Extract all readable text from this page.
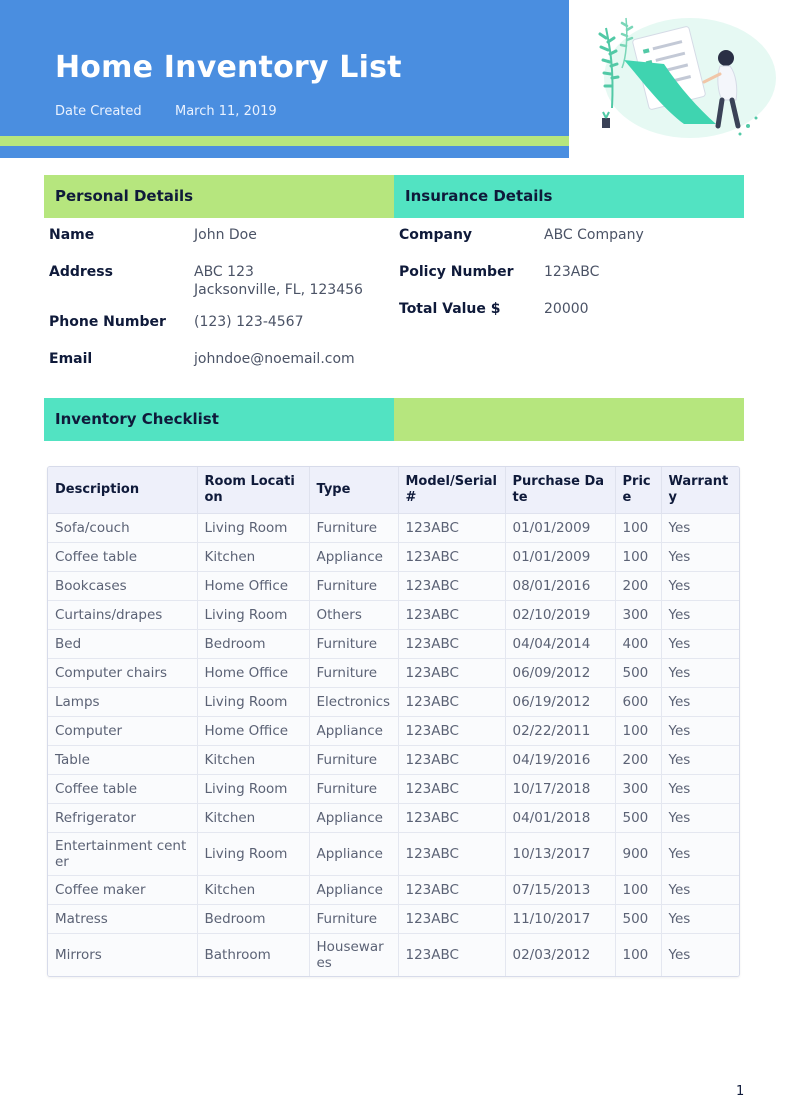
Home Inventory List
Date Created	March 11, 2019
Personal Details	Insurance Details
Name	John Doe
Address	ABC 123
Jacksonville, FL, 123456
Phone Number (123) 123-4567
Email	johndoe@noemail.com
Company	ABC Company
Policy Number 123ABC
Total Value $	20000
Inventory Checklist
Description	Room Location	Type	Model/Serial #	Purchase Date	Price	Warranty
Sofa/couch	Living Room	Furniture	123ABC	01/01/2009	100	Yes
Coffee table	Kitchen	Appliance	123ABC	01/01/2009	100	Yes
Bookcases	Home Office	Furniture	123ABC	08/01/2016	200	Yes
Curtains/drapes	Living Room	Others	123ABC	02/10/2019	300	Yes
Bed	Bedroom	Furniture	123ABC	04/04/2014	400	Yes
Computer chairs	Home Office	Furniture	123ABC	06/09/2012	500	Yes
Lamps	Living Room	Electronics	123ABC	06/19/2012	600	Yes
Computer	Home Office	Appliance	123ABC	02/22/2011	100	Yes
Table	Kitchen	Furniture	123ABC	04/19/2016	200	Yes
Coffee table	Living Room	Furniture	123ABC	10/17/2018	300	Yes
Refrigerator	Kitchen	Appliance	123ABC	04/01/2018	500	Yes
Entertainment center	Living Room	Appliance	123ABC	10/13/2017	900	Yes
Coffee maker	Kitchen	Appliance	123ABC	07/15/2013	100	Yes
Matress	Bedroom	Furniture	123ABC	11/10/2017	500	Yes
Mirrors	Bathroom	Housewares	123ABC	02/03/2012	100	Yes
1
